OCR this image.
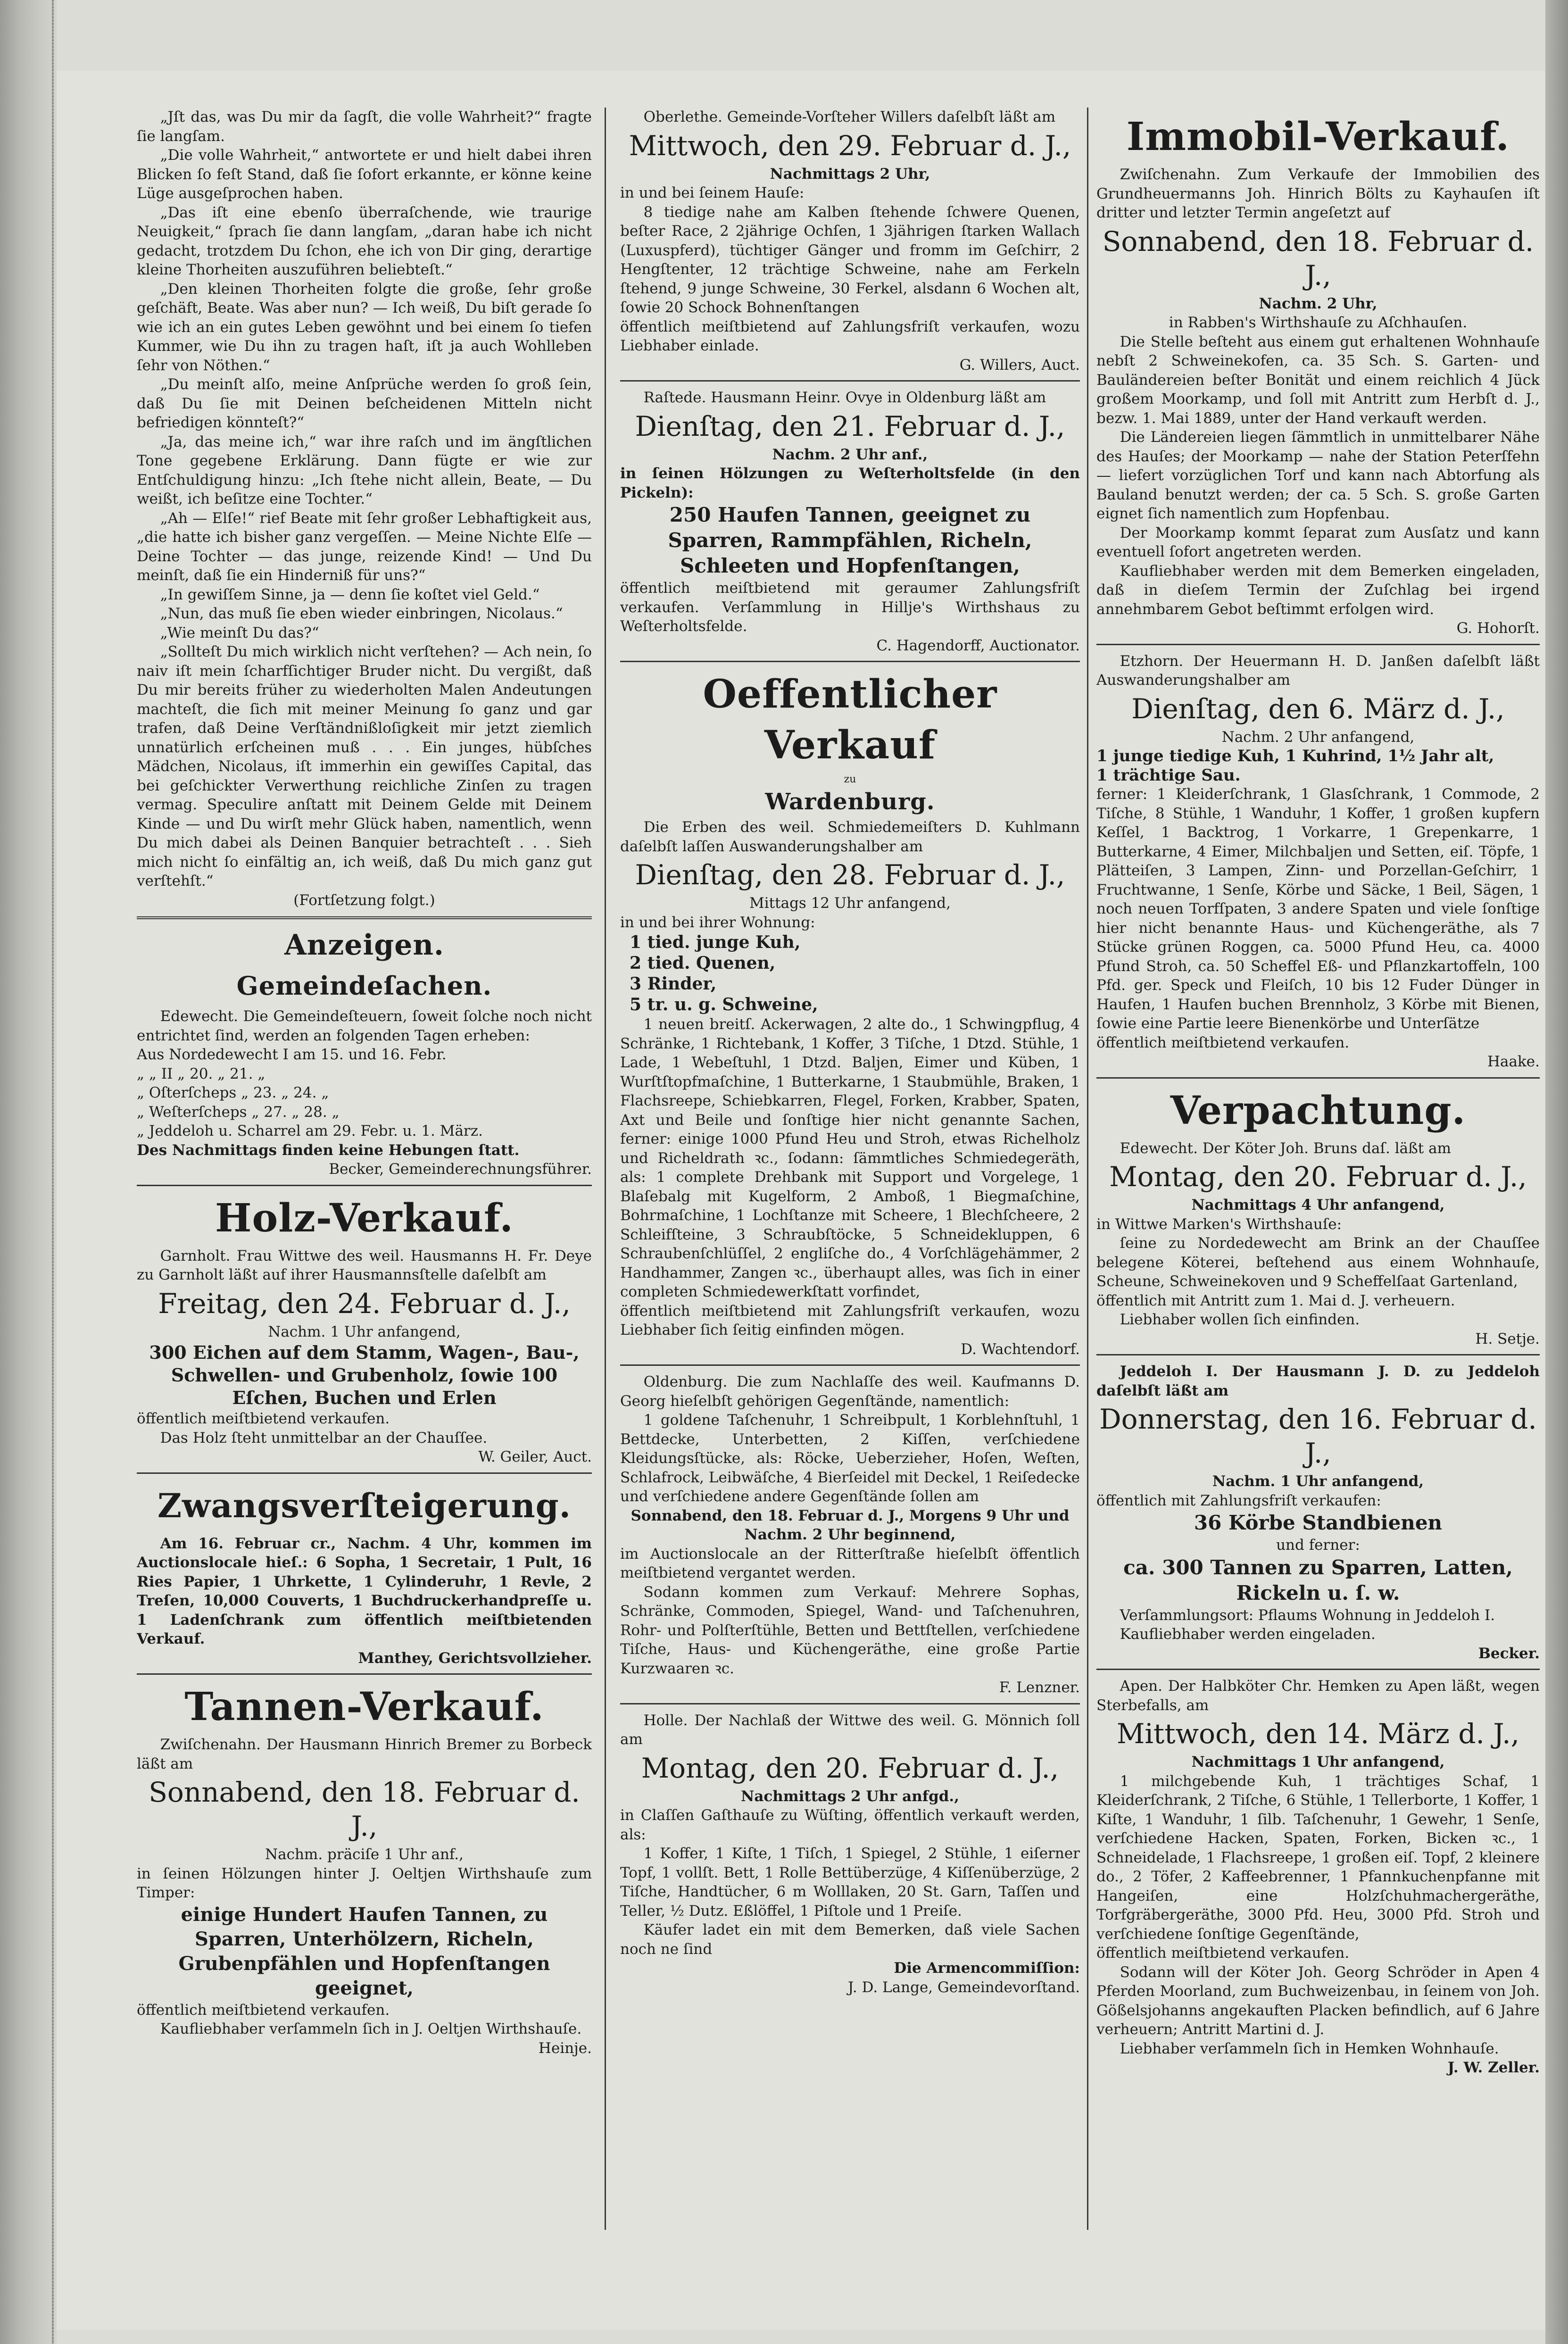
„Jſt das, was Du mir da ſagſt, die volle Wahrheit?“ fragte ſie langſam.

„Die volle Wahrheit,“ antwortete er und hielt dabei ihren Blicken ſo feſt Stand, daß ſie ſofort erkannte, er könne keine Lüge ausgeſprochen haben.

„Das iſt eine ebenſo überraſchende, wie traurige Neuigkeit,“ ſprach ſie dann langſam, „daran habe ich nicht gedacht, trotzdem Du ſchon, ehe ich von Dir ging, derartige kleine Thorheiten auszuführen beliebteſt.“

„Den kleinen Thorheiten folgte die große, ſehr große geſchäft, Beate. Was aber nun? — Ich weiß, Du biſt gerade ſo wie ich an ein gutes Leben gewöhnt und bei einem ſo tiefen Kummer, wie Du ihn zu tragen haſt, iſt ja auch Wohlleben ſehr von Nöthen.“

„Du meinſt alſo, meine Anſprüche werden ſo groß ſein, daß Du ſie mit Deinen beſcheidenen Mitteln nicht befriedigen könnteſt?“

„Ja, das meine ich,“ war ihre raſch und im ängſtlichen Tone gegebene Erklärung. Dann fügte er wie zur Entſchuldigung hinzu: „Ich ſtehe nicht allein, Beate, — Du weißt, ich beſitze eine Tochter.“

„Ah — Elſe!“ rief Beate mit ſehr großer Lebhaftigkeit aus, „die hatte ich bisher ganz vergeſſen. — Meine Nichte Elſe — Deine Tochter — das junge, reizende Kind! — Und Du meinſt, daß ſie ein Hinderniß für uns?“

„In gewiſſem Sinne, ja — denn ſie koſtet viel Geld.“

„Nun, das muß ſie eben wieder einbringen, Nicolaus.“

„Wie meinſt Du das?“

„Sollteſt Du mich wirklich nicht verſtehen? — Ach nein, ſo naiv iſt mein ſcharfſichtiger Bruder nicht. Du vergißt, daß Du mir bereits früher zu wiederholten Malen Andeutungen machteſt, die ſich mit meiner Meinung ſo ganz und gar trafen, daß Deine Verſtändnißloſigkeit mir jetzt ziemlich unnatürlich erſcheinen muß . . . Ein junges, hübſches Mädchen, Nicolaus, iſt immerhin ein gewiſſes Capital, das bei geſchickter Verwerthung reichliche Zinſen zu tragen vermag. Speculire anſtatt mit Deinem Gelde mit Deinem Kinde — und Du wirſt mehr Glück haben, namentlich, wenn Du mich dabei als Deinen Banquier betrachteſt . . . Sieh mich nicht ſo einfältig an, ich weiß, daß Du mich ganz gut verſtehſt.“

(Fortſetzung folgt.)

Anzeigen.
Gemeindeſachen.

Edewecht. Die Gemeindeſteuern, ſoweit ſolche noch nicht entrichtet ſind, werden an folgenden Tagen erheben:

Aus Nordedewecht I am 15. und 16. Febr.

„ „ II „ 20. „ 21. „

„ Oſterſcheps „ 23. „ 24. „

„ Weſterſcheps „ 27. „ 28. „

„ Jeddeloh u. Scharrel am 29. Febr. u. 1. März.

Des Nachmittags finden keine Hebungen ſtatt.

Becker, Gemeinderechnungsführer.

Holz-Verkauf.

Garnholt. Frau Wittwe des weil. Hausmanns H. Fr. Deye zu Garnholt läßt auf ihrer Hausmannsſtelle daſelbſt am

Freitag, den 24. Februar d. J.,

Nachm. 1 Uhr anfangend,

300 Eichen auf dem Stamm, Wagen-, Bau-, Schwellen- und Grubenholz, ſowie 100 Eſchen, Buchen und Erlen

öffentlich meiſtbietend verkaufen.

Das Holz ſteht unmittelbar an der Chauſſee.

W. Geiler, Auct.

Zwangsverſteigerung.

Am 16. Februar cr., Nachm. 4 Uhr, kommen im Auctionslocale hieſ.: 6 Sopha, 1 Secretair, 1 Pult, 16 Ries Papier, 1 Uhrkette, 1 Cylinderuhr, 1 Revle, 2 Treſen, 10,000 Couverts, 1 Buchdruckerhandpreſſe u. 1 Ladenſchrank zum öffentlich meiſtbietenden Verkauf.

Manthey, Gerichtsvollzieher.

Tannen-Verkauf.

Zwiſchenahn. Der Hausmann Hinrich Bremer zu Borbeck läßt am

Sonnabend, den 18. Februar d. J.,

Nachm. präciſe 1 Uhr anf.,

in ſeinen Hölzungen hinter J. Oeltjen Wirthshauſe zum Timper:

einige Hundert Haufen Tannen, zu Sparren, Unterhölzern, Richeln, Grubenpfählen und Hopfenſtangen geeignet,

öffentlich meiſtbietend verkaufen.

Kaufliebhaber verſammeln ſich in J. Oeltjen Wirthshauſe.

Heinje.

Oberlethe. Gemeinde-Vorſteher Willers daſelbſt läßt am

Mittwoch, den 29. Februar d. J.,

Nachmittags 2 Uhr,

in und bei ſeinem Hauſe:

8 tiedige nahe am Kalben ſtehende ſchwere Quenen, beſter Race, 2 2jährige Ochſen, 1 3jährigen ſtarken Wallach (Luxuspferd), tüchtiger Gänger und fromm im Geſchirr, 2 Hengſtenter, 12 trächtige Schweine, nahe am Ferkeln ſtehend, 9 junge Schweine, 30 Ferkel, alsdann 6 Wochen alt, ſowie 20 Schock Bohnenſtangen

öffentlich meiſtbietend auf Zahlungsfriſt verkaufen, wozu Liebhaber einlade.

G. Willers, Auct.

Raſtede. Hausmann Heinr. Ovye in Oldenburg läßt am

Dienſtag, den 21. Februar d. J.,

Nachm. 2 Uhr anf.,

in ſeinen Hölzungen zu Weſterholtsfelde (in den Pickeln):

250 Haufen Tannen, geeignet zu Sparren, Rammpfählen, Richeln, Schleeten und Hopfenſtangen,

öffentlich meiſtbietend mit geraumer Zahlungsfriſt verkaufen. Verſammlung in Hillje's Wirthshaus zu Weſterholtsfelde.

C. Hagendorff, Auctionator.

Oeffentlicher Verkauf

zu

Wardenburg.

Die Erben des weil. Schmiedemeiſters D. Kuhlmann daſelbſt laſſen Auswanderungshalber am

Dienſtag, den 28. Februar d. J.,

Mittags 12 Uhr anfangend,

in und bei ihrer Wohnung:

1 tied. junge Kuh,

2 tied. Quenen,

3 Rinder,

5 tr. u. g. Schweine,

1 neuen breitſ. Ackerwagen, 2 alte do., 1 Schwingpflug, 4 Schränke, 1 Richtebank, 1 Koffer, 3 Tiſche, 1 Dtzd. Stühle, 1 Lade, 1 Webeſtuhl, 1 Dtzd. Baljen, Eimer und Küben, 1 Wurſtſtopfmaſchine, 1 Butterkarne, 1 Staubmühle, Braken, 1 Flachsreepe, Schiebkarren, Flegel, Forken, Krabber, Spaten, Axt und Beile und ſonſtige hier nicht genannte Sachen, ferner: einige 1000 Pfund Heu und Stroh, etwas Richelholz und Richeldrath ꝛc., ſodann: ſämmtliches Schmiedegeräth, als: 1 complete Drehbank mit Support und Vorgelege, 1 Blaſebalg mit Kugelform, 2 Amboß, 1 Biegmaſchine, Bohrmaſchine, 1 Lochſtanze mit Scheere, 1 Blechſcheere, 2 Schleifſteine, 3 Schraubſtöcke, 5 Schneidekluppen, 6 Schraubenſchlüſſel, 2 engliſche do., 4 Vorſchlägehämmer, 2 Handhammer, Zangen ꝛc., überhaupt alles, was ſich in einer completen Schmiedewerkſtatt vorfindet,

öffentlich meiſtbietend mit Zahlungsfriſt verkaufen, wozu Liebhaber ſich ſeitig einfinden mögen.

D. Wachtendorf.

Oldenburg. Die zum Nachlaſſe des weil. Kaufmanns D. Georg hieſelbſt gehörigen Gegenſtände, namentlich:

1 goldene Taſchenuhr, 1 Schreibpult, 1 Korblehnſtuhl, 1 Bettdecke, Unterbetten, 2 Kiſſen, verſchiedene Kleidungsſtücke, als: Röcke, Ueberzieher, Hoſen, Weſten, Schlafrock, Leibwäſche, 4 Bierſeidel mit Deckel, 1 Reiſedecke und verſchiedene andere Gegenſtände ſollen am

Sonnabend, den 18. Februar d. J., Morgens 9 Uhr und Nachm. 2 Uhr beginnend,

im Auctionslocale an der Ritterſtraße hieſelbſt öffentlich meiſtbietend vergantet werden.

Sodann kommen zum Verkauf: Mehrere Sophas, Schränke, Commoden, Spiegel, Wand- und Taſchenuhren, Rohr- und Polſterſtühle, Betten und Bettſtellen, verſchiedene Tiſche, Haus- und Küchengeräthe, eine große Partie Kurzwaaren ꝛc.

F. Lenzner.

Holle. Der Nachlaß der Wittwe des weil. G. Mönnich ſoll am

Montag, den 20. Februar d. J.,

Nachmittags 2 Uhr anfgd.,

in Claſſen Gaſthauſe zu Wüſting, öffentlich verkauft werden, als:

1 Koffer, 1 Kiſte, 1 Tiſch, 1 Spiegel, 2 Stühle, 1 eiſerner Topf, 1 vollſt. Bett, 1 Rolle Bettüberzüge, 4 Kiſſenüberzüge, 2 Tiſche, Handtücher, 6 m Wolllaken, 20 St. Garn, Taſſen und Teller, ½ Dutz. Eßlöffel, 1 Piſtole und 1 Preiſe.

Käufer ladet ein mit dem Bemerken, daß viele Sachen noch ne ſind

Die Armencommiſſion:

J. D. Lange, Gemeindevorſtand.

Immobil-Verkauf.

Zwiſchenahn. Zum Verkaufe der Immobilien des Grundheuermanns Joh. Hinrich Bölts zu Kayhauſen iſt dritter und letzter Termin angeſetzt auf

Sonnabend, den 18. Februar d. J.,

Nachm. 2 Uhr,

in Rabben's Wirthshauſe zu Aſchhauſen.

Die Stelle beſteht aus einem gut erhaltenen Wohnhauſe nebſt 2 Schweinekofen, ca. 35 Sch. S. Garten- und Bauländereien beſter Bonität und einem reichlich 4 Jück großem Moorkamp, und ſoll mit Antritt zum Herbſt d. J., bezw. 1. Mai 1889, unter der Hand verkauft werden.

Die Ländereien liegen ſämmtlich in unmittelbarer Nähe des Hauſes; der Moorkamp — nahe der Station Peterſfehn — liefert vorzüglichen Torf und kann nach Abtorfung als Bauland benutzt werden; der ca. 5 Sch. S. große Garten eignet ſich namentlich zum Hopfenbau.

Der Moorkamp kommt ſeparat zum Ausſatz und kann eventuell ſofort angetreten werden.

Kaufliebhaber werden mit dem Bemerken eingeladen, daß in dieſem Termin der Zuſchlag bei irgend annehmbarem Gebot beſtimmt erfolgen wird.

G. Hohorſt.

Etzhorn. Der Heuermann H. D. Janßen daſelbſt läßt Auswanderungshalber am

Dienſtag, den 6. März d. J.,

Nachm. 2 Uhr anfangend,

1 junge tiedige Kuh, 1 Kuhrind, 1½ Jahr alt,

1 trächtige Sau.

ferner: 1 Kleiderſchrank, 1 Glasſchrank, 1 Commode, 2 Tiſche, 8 Stühle, 1 Wanduhr, 1 Koffer, 1 großen kupfern Keſſel, 1 Backtrog, 1 Vorkarre, 1 Grepenkarre, 1 Butterkarne, 4 Eimer, Milchbaljen und Setten, eiſ. Töpfe, 1 Plätteiſen, 3 Lampen, Zinn- und Porzellan-Geſchirr, 1 Fruchtwanne, 1 Senſe, Körbe und Säcke, 1 Beil, Sägen, 1 noch neuen Torfſpaten, 3 andere Spaten und viele ſonſtige hier nicht benannte Haus- und Küchengeräthe, als 7 Stücke grünen Roggen, ca. 5000 Pfund Heu, ca. 4000 Pfund Stroh, ca. 50 Scheffel Eß- und Pflanzkartoffeln, 100 Pfd. ger. Speck und Fleiſch, 10 bis 12 Fuder Dünger in Haufen, 1 Haufen buchen Brennholz, 3 Körbe mit Bienen, ſowie eine Partie leere Bienenkörbe und Unterſätze

öffentlich meiſtbietend verkaufen.

Haake.

Verpachtung.

Edewecht. Der Köter Joh. Bruns daſ. läßt am

Montag, den 20. Februar d. J.,

Nachmittags 4 Uhr anfangend,

in Wittwe Marken's Wirthshauſe:

ſeine zu Nordedewecht am Brink an der Chauſſee belegene Köterei, beſtehend aus einem Wohnhauſe, Scheune, Schweinekoven und 9 Scheffelſaat Gartenland,

öffentlich mit Antritt zum 1. Mai d. J. verheuern.

Liebhaber wollen ſich einfinden.

H. Setje.

Jeddeloh I. Der Hausmann J. D. zu Jeddeloh daſelbſt läßt am

Donnerstag, den 16. Februar d. J.,

Nachm. 1 Uhr anfangend,

öffentlich mit Zahlungsfriſt verkaufen:

36 Körbe Standbienen

und ferner:

ca. 300 Tannen zu Sparren, Latten, Rickeln u. ſ. w.

Verſammlungsort: Pflaums Wohnung in Jeddeloh I.

Kaufliebhaber werden eingeladen.

Becker.

Apen. Der Halbköter Chr. Hemken zu Apen läßt, wegen Sterbefalls, am

Mittwoch, den 14. März d. J.,

Nachmittags 1 Uhr anfangend,

1 milchgebende Kuh, 1 trächtiges Schaf, 1 Kleiderſchrank, 2 Tiſche, 6 Stühle, 1 Tellerborte, 1 Koffer, 1 Kiſte, 1 Wanduhr, 1 ſilb. Taſchenuhr, 1 Gewehr, 1 Senſe, verſchiedene Hacken, Spaten, Forken, Bicken ꝛc., 1 Schneidelade, 1 Flachsreepe, 1 großen eiſ. Topf, 2 kleinere do., 2 Töfer, 2 Kaffeebrenner, 1 Pfannkuchenpfanne mit Hangeiſen, eine Holzſchuhmachergeräthe, Torfgräbergeräthe, 3000 Pfd. Heu, 3000 Pfd. Stroh und verſchiedene ſonſtige Gegenſtände,

öffentlich meiſtbietend verkaufen.

Sodann will der Köter Joh. Georg Schröder in Apen 4 Pferden Moorland, zum Buchweizenbau, in ſeinem von Joh. Gößelsjohanns angekauften Placken befindlich, auf 6 Jahre verheuern; Antritt Martini d. J.

Liebhaber verſammeln ſich in Hemken Wohnhauſe.

J. W. Zeller.
